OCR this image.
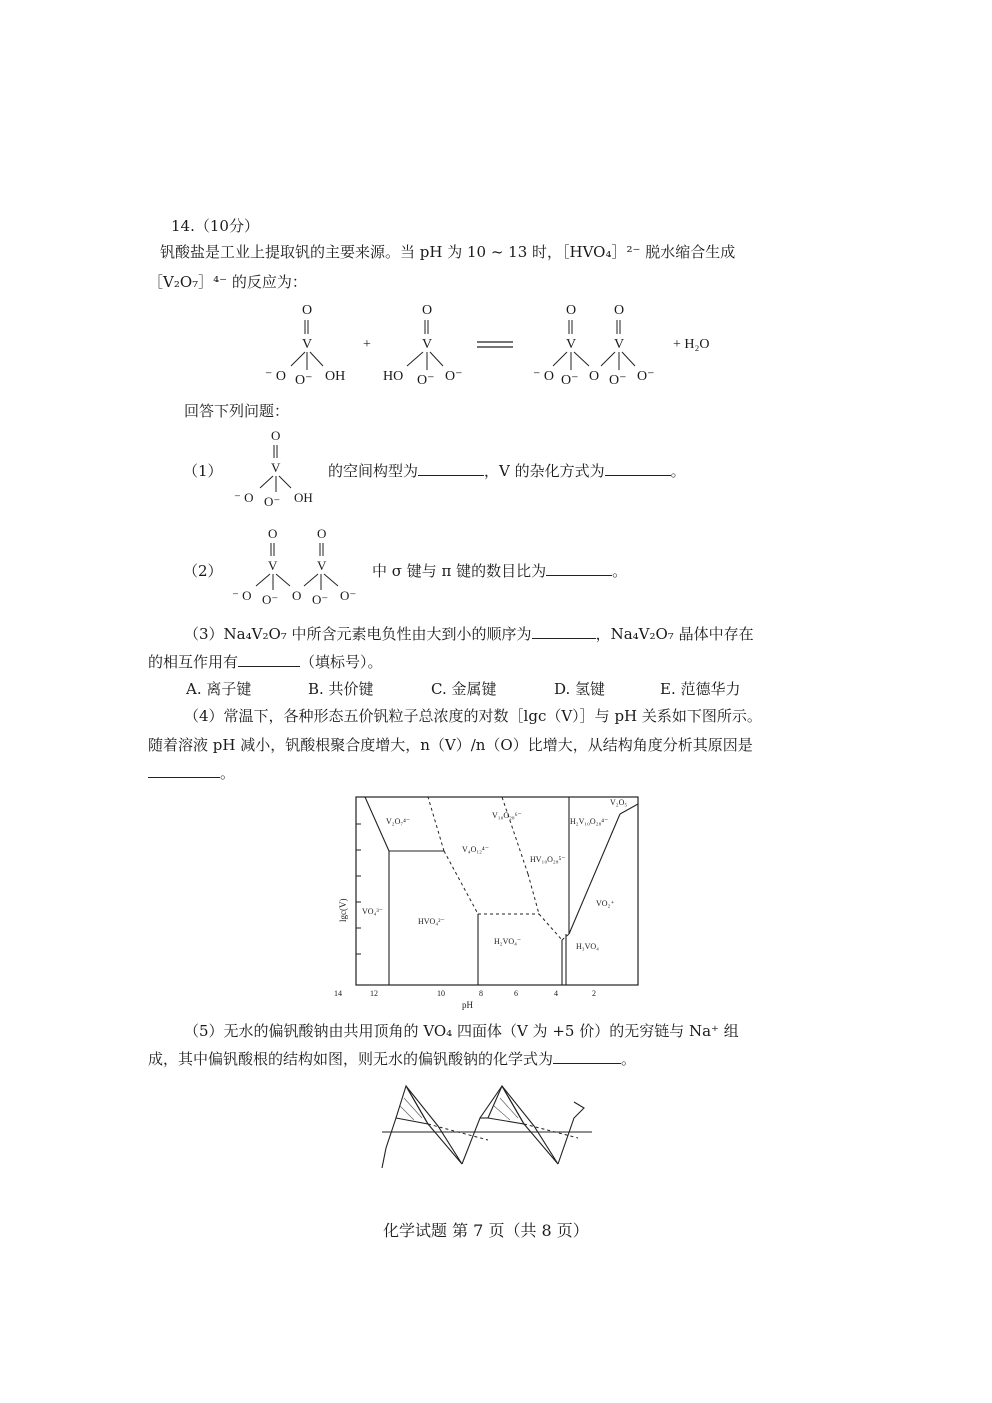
14.（10分）
钒酸盐是工业上提取钒的主要来源。当 pH 为 10 ~ 13 时，［HVO₄］²⁻ 脱水缩合生成
［V₂O₇］⁴⁻ 的反应为：
O
V
⁻ O O⁻ OH
+
O
V
HO O⁻ O⁻
O
V
O
V
⁻ O O⁻ O O⁻ O⁻
+ H₂O
回答下列问题：
（1）
O
V
⁻ O O⁻ OH
的空间构型为	，V 的杂化方式为	。
（2）
O
V
O
V
⁻ O O⁻ O O⁻ O⁻
中 σ 键与 π 键的数目比为	。
（3）Na₄V₂O₇ 中所含元素电负性由大到小的顺序为	，Na₄V₂O₇ 晶体中存在
的相互作用有	（填标号）。
A. 离子键	B. 共价键	C. 金属键	D. 氢键	E. 范德华力
（4）常温下，各种形态五价钒粒子总浓度的对数［lgc（V）］与 pH 关系如下图所示。
随着溶液 pH 减小，钒酸根聚合度增大，n（V）/n（O）比增大，从结构角度分析其原因是
。
V₂O₇⁴⁻
V₁₀O₂₈⁶⁻
V₄O₁₂⁴⁻
HV₁₀O₂₈⁵⁻
H₂V₁₀O₂₈⁴⁻
V₂O₅
VO₄³⁻
HVO₄²⁻
H₂VO₄⁻
H₃VO₄
VO₂⁺
lgc(V)
14	12	10	8	6	4	2
pH
（5）无水的偏钒酸钠由共用顶角的 VO₄ 四面体（V 为 +5 价）的无穷链与 Na⁺ 组
成，其中偏钒酸根的结构如图，则无水的偏钒酸钠的化学式为	。
化学试题 第 7 页（共 8 页）
